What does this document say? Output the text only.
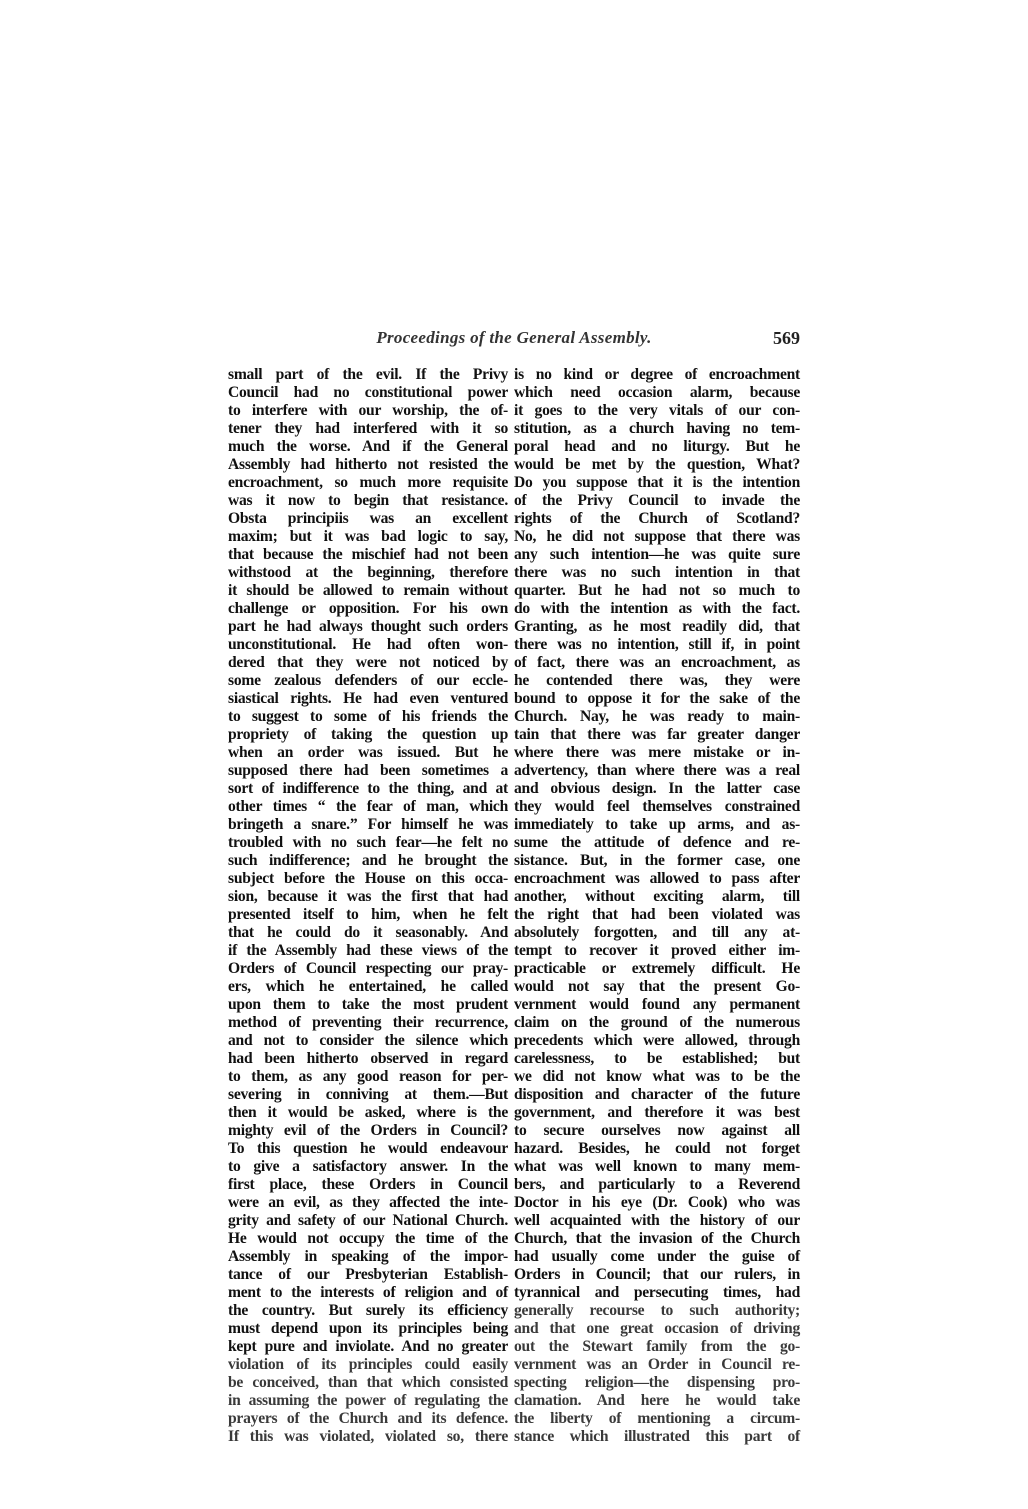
Proceedings of the General Assembly.	569
small part of the evil. If the Privy
Council had no constitutional power
to interfere with our worship, the of-
tener they had interfered with it so
much the worse. And if the General
Assembly had hitherto not resisted the
encroachment, so much more requisite
was it now to begin that resistance.
Obsta principiis was an excellent
maxim; but it was bad logic to say,
that because the mischief had not been
withstood at the beginning, therefore
it should be allowed to remain without
challenge or opposition. For his own
part he had always thought such orders
unconstitutional. He had often won-
dered that they were not noticed by
some zealous defenders of our eccle-
siastical rights. He had even ventured
to suggest to some of his friends the
propriety of taking the question up
when an order was issued. But he
supposed there had been sometimes a
sort of indifference to the thing, and at
other times “ the fear of man, which
bringeth a snare.” For himself he was
troubled with no such fear—he felt no
such indifference; and he brought the
subject before the House on this occa-
sion, because it was the first that had
presented itself to him, when he felt
that he could do it seasonably. And
if the Assembly had these views of the
Orders of Council respecting our pray-
ers, which he entertained, he called
upon them to take the most prudent
method of preventing their recurrence,
and not to consider the silence which
had been hitherto observed in regard
to them, as any good reason for per-
severing in conniving at them.—But
then it would be asked, where is the
mighty evil of the Orders in Council?
To this question he would endeavour
to give a satisfactory answer. In the
first place, these Orders in Council
were an evil, as they affected the inte-
grity and safety of our National Church.
He would not occupy the time of the
Assembly in speaking of the impor-
tance of our Presbyterian Establish-
ment to the interests of religion and of
the country. But surely its efficiency
must depend upon its principles being
kept pure and inviolate. And no greater
violation of its principles could easily
be conceived, than that which consisted
in assuming the power of regulating the
prayers of the Church and its defence.
If this was violated, violated so, there
is no kind or degree of encroachment
which need occasion alarm, because
it goes to the very vitals of our con-
stitution, as a church having no tem-
poral head and no liturgy. But he
would be met by the question, What?
Do you suppose that it is the intention
of the Privy Council to invade the
rights of the Church of Scotland?
No, he did not suppose that there was
any such intention—he was quite sure
there was no such intention in that
quarter. But he had not so much to
do with the intention as with the fact.
Granting, as he most readily did, that
there was no intention, still if, in point
of fact, there was an encroachment, as
he contended there was, they were
bound to oppose it for the sake of the
Church. Nay, he was ready to main-
tain that there was far greater danger
where there was mere mistake or in-
advertency, than where there was a real
and obvious design. In the latter case
they would feel themselves constrained
immediately to take up arms, and as-
sume the attitude of defence and re-
sistance. But, in the former case, one
encroachment was allowed to pass after
another, without exciting alarm, till
the right that had been violated was
absolutely forgotten, and till any at-
tempt to recover it proved either im-
practicable or extremely difficult. He
would not say that the present Go-
vernment would found any permanent
claim on the ground of the numerous
precedents which were allowed, through
carelessness, to be established; but
we did not know what was to be the
disposition and character of the future
government, and therefore it was best
to secure ourselves now against all
hazard. Besides, he could not forget
what was well known to many mem-
bers, and particularly to a Reverend
Doctor in his eye (Dr. Cook) who was
well acquainted with the history of our
Church, that the invasion of the Church
had usually come under the guise of
Orders in Council; that our rulers, in
tyrannical and persecuting times, had
generally recourse to such authority;
and that one great occasion of driving
out the Stewart family from the go-
vernment was an Order in Council re-
specting religion—the dispensing pro-
clamation. And here he would take
the liberty of mentioning a circum-
stance which illustrated this part of
